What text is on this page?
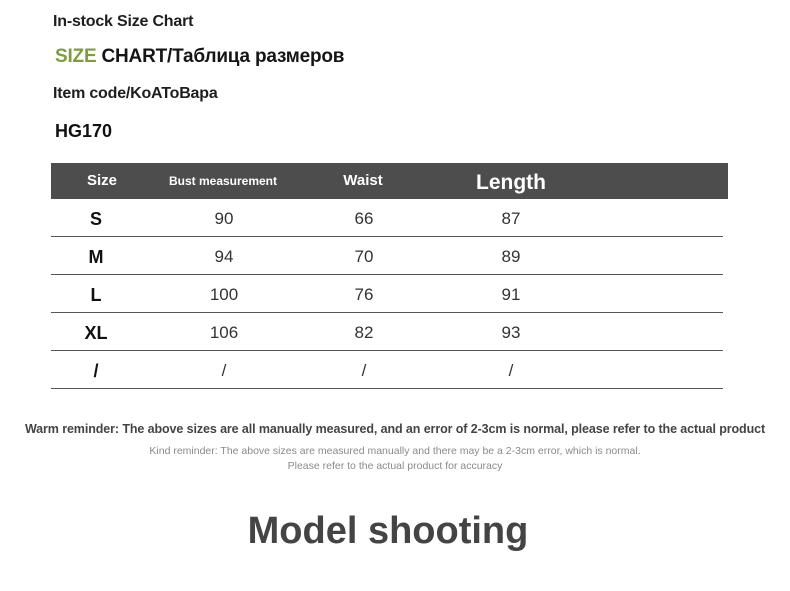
In-stock Size Chart
SIZE CHART/Таблица размеров
Item code/KoAToBapa
HG170
Size	Bust measurement	Waist	Length
S	90	66	87
M	94	70	89
L	100	76	91
XL	106	82	93
/	/	/	/
Warm reminder: The above sizes are all manually measured, and an error of 2-3cm is normal, please refer to the actual product
Kind reminder: The above sizes are measured manually and there may be a 2-3cm error, which is normal.
Please refer to the actual product for accuracy
Model shooting
